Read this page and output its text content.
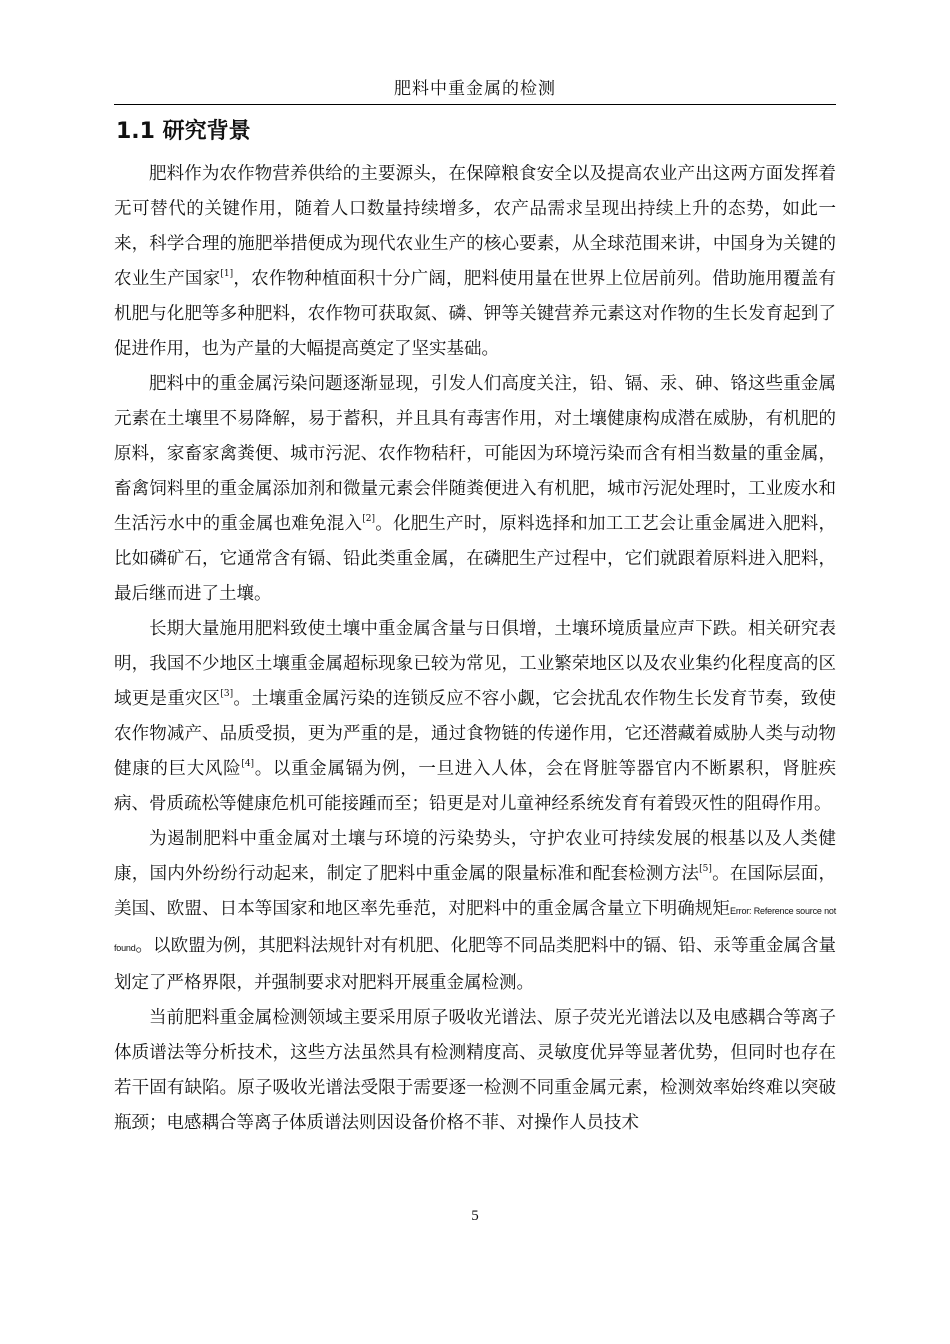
肥料中重金属的检测
1.1 研究背景

肥料作为农作物营养供给的主要源头，在保障粮食安全以及提高农业产出这两方面发挥着无可替代的关键作用，随着人口数量持续增多，农产品需求呈现出持续上升的态势，如此一来，科学合理的施肥举措便成为现代农业生产的核心要素，从全球范围来讲，中国身为关键的农业生产国家[1]，农作物种植面积十分广阔，肥料使用量在世界上位居前列。借助施用覆盖有机肥与化肥等多种肥料，农作物可获取氮、磷、钾等关键营养元素这对作物的生长发育起到了促进作用，也为产量的大幅提高奠定了坚实基础。

肥料中的重金属污染问题逐渐显现，引发人们高度关注，铅、镉、汞、砷、铬这些重金属元素在土壤里不易降解，易于蓄积，并且具有毒害作用，对土壤健康构成潜在威胁，有机肥的原料，家畜家禽粪便、城市污泥、农作物秸秆，可能因为环境污染而含有相当数量的重金属，畜禽饲料里的重金属添加剂和微量元素会伴随粪便进入有机肥，城市污泥处理时，工业废水和生活污水中的重金属也难免混入[2]。化肥生产时，原料选择和加工工艺会让重金属进入肥料，比如磷矿石，它通常含有镉、铅此类重金属，在磷肥生产过程中，它们就跟着原料进入肥料，最后继而进了土壤。

长期大量施用肥料致使土壤中重金属含量与日俱增，土壤环境质量应声下跌。相关研究表明，我国不少地区土壤重金属超标现象已较为常见，工业繁荣地区以及农业集约化程度高的区域更是重灾区[3]。土壤重金属污染的连锁反应不容小觑，它会扰乱农作物生长发育节奏，致使农作物减产、品质受损，更为严重的是，通过食物链的传递作用，它还潜藏着威胁人类与动物健康的巨大风险[4]。以重金属镉为例，一旦进入人体，会在肾脏等器官内不断累积，肾脏疾病、骨质疏松等健康危机可能接踵而至；铅更是对儿童神经系统发育有着毁灭性的阻碍作用。

为遏制肥料中重金属对土壤与环境的污染势头，守护农业可持续发展的根基以及人类健康，国内外纷纷行动起来，制定了肥料中重金属的限量标准和配套检测方法[5]。在国际层面，美国、欧盟、日本等国家和地区率先垂范，对肥料中的重金属含量立下明确规矩Error: Reference source not found。以欧盟为例，其肥料法规针对有机肥、化肥等不同品类肥料中的镉、铅、汞等重金属含量划定了严格界限，并强制要求对肥料开展重金属检测。

当前肥料重金属检测领域主要采用原子吸收光谱法、原子荧光光谱法以及电感耦合等离子体质谱法等分析技术，这些方法虽然具有检测精度高、灵敏度优异等显著优势，但同时也存在若干固有缺陷。原子吸收光谱法受限于需要逐一检测不同重金属元素，检测效率始终难以突破瓶颈；电感耦合等离子体质谱法则因设备价格不菲、对操作人员技术

5
